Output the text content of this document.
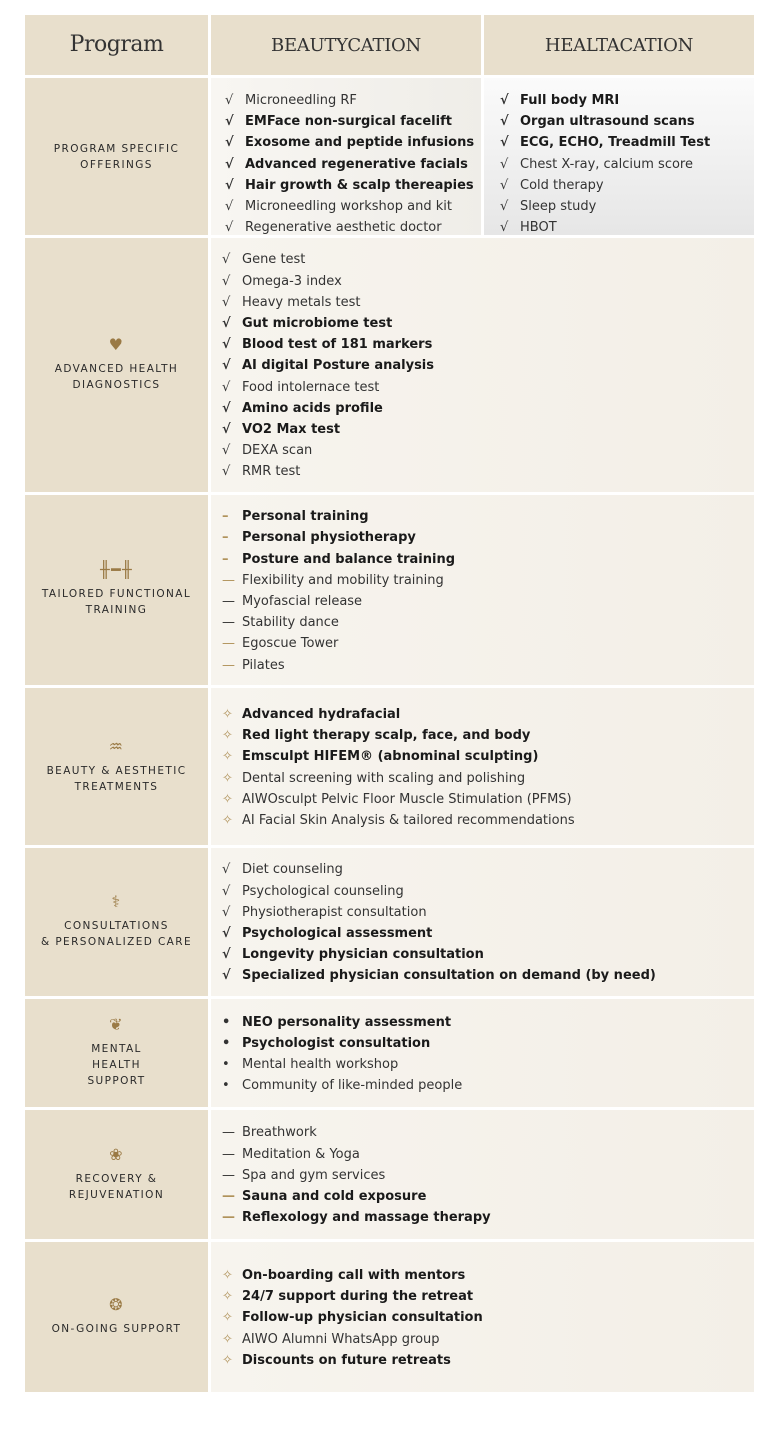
Program	BEAUTYCATION	HEALTACATION
PROGRAM SPECIFIC
OFFERINGS
√ Microneedling RF
√ EMFace non-surgical facelift
√ Exosome and peptide infusions
√ Advanced regenerative facials
√ Hair growth & scalp thereapies
√ Microneedling workshop and kit
√ Regenerative aesthetic doctor
√ Full body MRI
√ Organ ultrasound scans
√ ECG, ECHO, Treadmill Test
√ Chest X-ray, calcium score
√ Cold therapy
√ Sleep study
√ HBOT
♥
ADVANCED HEALTH
DIAGNOSTICS
√ Gene test
√ Omega-3 index
√ Heavy metals test
√ Gut microbiome test
√ Blood test of 181 markers
√ AI digital Posture analysis
√ Food intolernace test
√ Amino acids profile
√ VO2 Max test
√ DEXA scan
√ RMR test
╫━╫
TAILORED FUNCTIONAL
TRAINING
– Personal training
– Personal physiotherapy
– Posture and balance training
— Flexibility and mobility training
— Myofascial release
— Stability dance
— Egoscue Tower
— Pilates
♒
BEAUTY & AESTHETIC
TREATMENTS
✧ Advanced hydrafacial
✧ Red light therapy scalp, face, and body
✧ Emsculpt HIFEM® (abnominal sculpting)
✧ Dental screening with scaling and polishing
✧ AIWOsculpt Pelvic Floor Muscle Stimulation (PFMS)
✧ AI Facial Skin Analysis & tailored recommendations
⚕
CONSULTATIONS
& PERSONALIZED CARE
√ Diet counseling
√ Psychological counseling
√ Physiotherapist consultation
√ Psychological assessment
√ Longevity physician consultation
√ Specialized physician consultation on demand (by need)
❦
MENTAL
HEALTH
SUPPORT
• NEO personality assessment
• Psychologist consultation
• Mental health workshop
• Community of like-minded people
❀
RECOVERY &
REJUVENATION
— Breathwork
— Meditation & Yoga
— Spa and gym services
— Sauna and cold exposure
— Reflexology and massage therapy
❂
ON-GOING SUPPORT
✧ On-boarding call with mentors
✧ 24/7 support during the retreat
✧ Follow-up physician consultation
✧ AIWO Alumni WhatsApp group
✧ Discounts on future retreats
